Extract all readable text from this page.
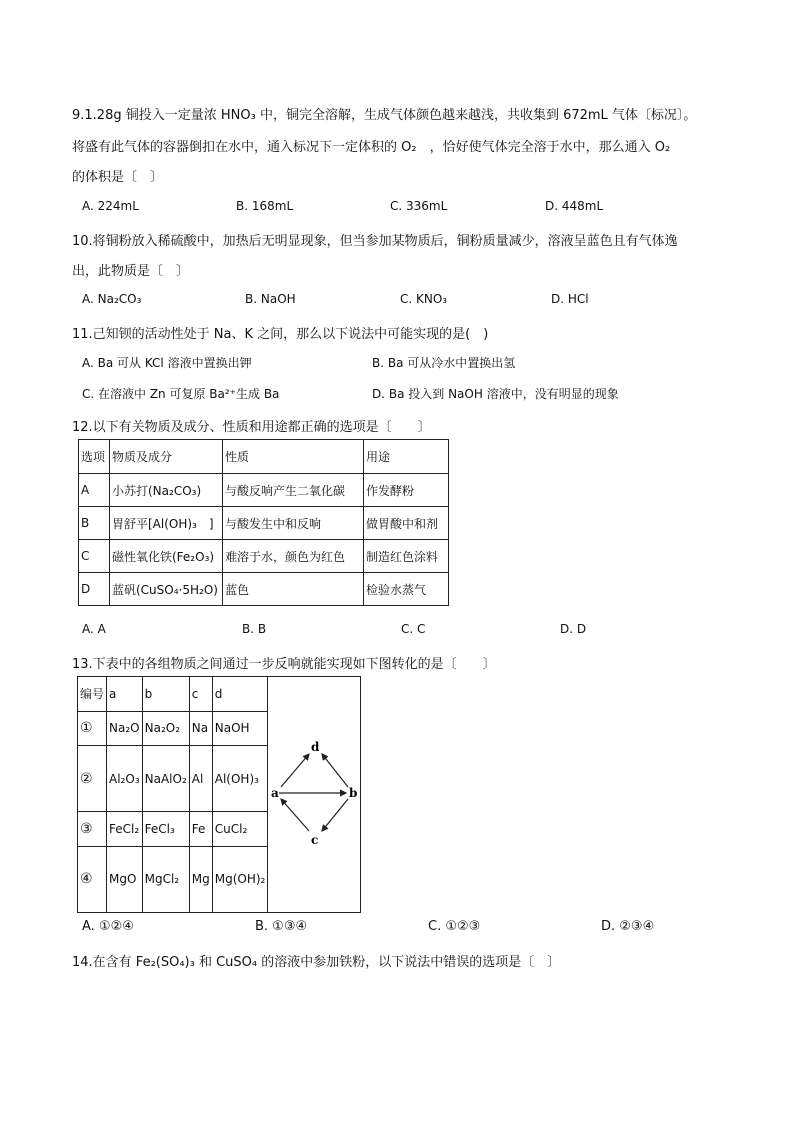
9.1.28g 铜投入一定量浓 HNO₃ 中，铜完全溶解，生成气体颜色越来越浅，共收集到 672mL 气体〔标况〕。
将盛有此气体的容器倒扣在水中，通入标况下一定体积的 O₂　，恰好使气体完全溶于水中，那么通入 O₂
的体积是〔　〕
A. 224mL	B. 168mL	C. 336mL	D. 448mL
10.将铜粉放入稀硫酸中，加热后无明显现象，但当参加某物质后，铜粉质量减少，溶液呈蓝色且有气体逸
出，此物质是〔　〕
A. Na₂CO₃	B. NaOH	C. KNO₃	D. HCl
11.己知钡的活动性处于 Na、K 之间，那么以下说法中可能实现的是(　)
A. Ba 可从 KCl 溶液中置换出钾	B. Ba 可从冷水中置换出氢
C. 在溶液中 Zn 可复原 Ba²⁺生成 Ba	D. Ba 投入到 NaOH 溶液中，没有明显的现象
12.以下有关物质及成分、性质和用途都正确的选项是〔　　〕
选项	物质及成分	性质	用途
A	小苏打(Na₂CO₃)	与酸反响产生二氧化碳	作发酵粉
B	胃舒平[Al(OH)₃　]	与酸发生中和反响	做胃酸中和剂
C	磁性氧化铁(Fe₂O₃)	难溶于水，颜色为红色	制造红色涂料
D	蓝矾(CuSO₄·5H₂O)	蓝色	检验水蒸气
A. A	B. B	C. C	D. D
13.下表中的各组物质之间通过一步反响就能实现如下图转化的是〔　　〕
编号	a	b	c	d	a b
c
d

①	Na₂O	Na₂O₂	Na	NaOH	
②	Al₂O₃	NaAlO₂	Al	Al(OH)₃	
③	FeCl₂	FeCl₃	Fe	CuCl₂	
④	MgO	MgCl₂	Mg	Mg(OH)₂	
A. ①②④	B. ①③④	C. ①②③	D. ②③④
14.在含有 Fe₂(SO₄)₃ 和 CuSO₄ 的溶液中参加铁粉，以下说法中错误的选项是〔　〕
